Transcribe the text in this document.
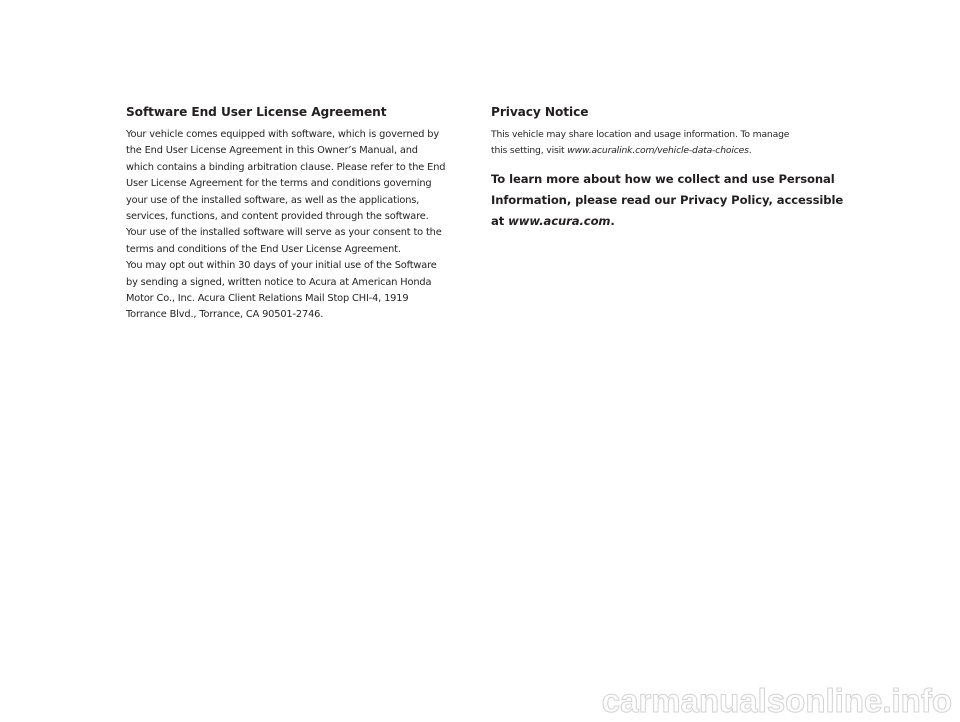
Software End User License Agreement

Your vehicle comes equipped with software, which is governed by
the End User License Agreement in this Owner’s Manual, and
which contains a binding arbitration clause. Please refer to the End
User License Agreement for the terms and conditions governing
your use of the installed software, as well as the applications,
services, functions, and content provided through the software.
Your use of the installed software will serve as your consent to the
terms and conditions of the End User License Agreement.
You may opt out within 30 days of your initial use of the Software
by sending a signed, written notice to Acura at American Honda
Motor Co., Inc. Acura Client Relations Mail Stop CHI-4, 1919
Torrance Blvd., Torrance, CA 90501-2746.

Privacy Notice

This vehicle may share location and usage information. To manage
this setting, visit www.acuralink.com/vehicle-data-choices.

To learn more about how we collect and use Personal
Information, please read our Privacy Policy, accessible
at www.acura.com.

carmanualsonline.info
